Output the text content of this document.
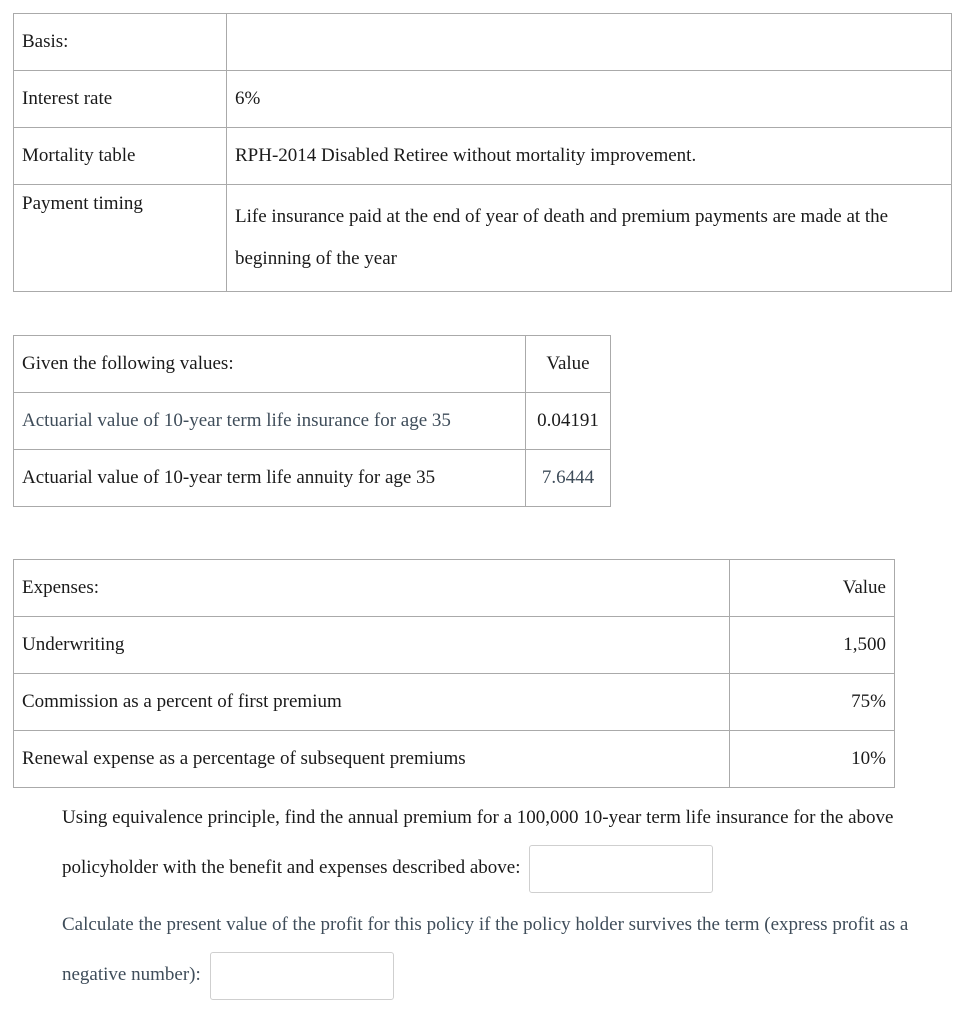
Basis:	
Interest rate	6%
Mortality table	RPH-2014 Disabled Retiree without mortality improvement.
Payment timing	Life insurance paid at the end of year of death and premium payments are made at the beginning of the year
Given the following values:	Value
Actuarial value of 10-year term life insurance for age 35	0.04191
Actuarial value of 10-year term life annuity for age 35	7.6444
Expenses:	Value
Underwriting	1,500
Commission as a percent of first premium	75%
Renewal expense as a percentage of subsequent premiums	10%
Using equivalence principle, find the annual premium for a 100,000 10-year term life insurance for the above policyholder with the benefit and expenses described above:
Calculate the present value of the profit for this policy if the policy holder survives the term (express profit as a negative number):
